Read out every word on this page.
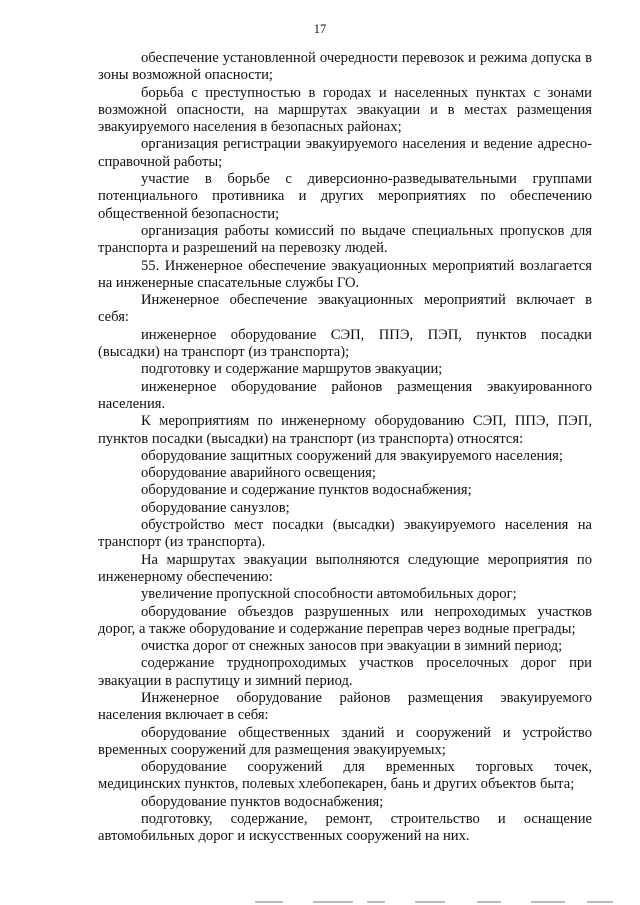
17

обеспечение установленной очередности перевозок и режима допуска в зоны возможной опасности;

борьба с преступностью в городах и населенных пунктах с зонами возможной опасности, на маршрутах эвакуации и в местах размещения эвакуируемого населения в безопасных районах;

организация регистрации эвакуируемого населения и ведение адресно-справочной работы;

участие в борьбе с диверсионно-разведывательными группами потенциального противника и других мероприятиях по обеспечению общественной безопасности;

организация работы комиссий по выдаче специальных пропусков для транспорта и разрешений на перевозку людей.

55. Инженерное обеспечение эвакуационных мероприятий возлагается на инженерные спасательные службы ГО.

Инженерное обеспечение эвакуационных мероприятий включает в себя:

инженерное оборудование СЭП, ППЭ, ПЭП, пунктов посадки (высадки) на транспорт (из транспорта);

подготовку и содержание маршрутов эвакуации;

инженерное оборудование районов размещения эвакуированного населения.

К мероприятиям по инженерному оборудованию СЭП, ППЭ, ПЭП, пунктов посадки (высадки) на транспорт (из транспорта) относятся:

оборудование защитных сооружений для эвакуируемого населения;

оборудование аварийного освещения;

оборудование и содержание пунктов водоснабжения;

оборудование санузлов;

обустройство мест посадки (высадки) эвакуируемого населения на транспорт (из транспорта).

На маршрутах эвакуации выполняются следующие мероприятия по инженерному обеспечению:

увеличение пропускной способности автомобильных дорог;

оборудование объездов разрушенных или непроходимых участков дорог, а также оборудование и содержание переправ через водные преграды;

очистка дорог от снежных заносов при эвакуации в зимний период;

содержание труднопроходимых участков проселочных дорог при эвакуации в распутицу и зимний период.

Инженерное оборудование районов размещения эвакуируемого населения включает в себя:

оборудование общественных зданий и сооружений и устройство временных сооружений для размещения эвакуируемых;

оборудование сооружений для временных торговых точек, медицинских пунктов, полевых хлебопекарен, бань и других объектов быта;

оборудование пунктов водоснабжения;

подготовку, содержание, ремонт, строительство и оснащение автомобильных дорог и искусственных сооружений на них.
